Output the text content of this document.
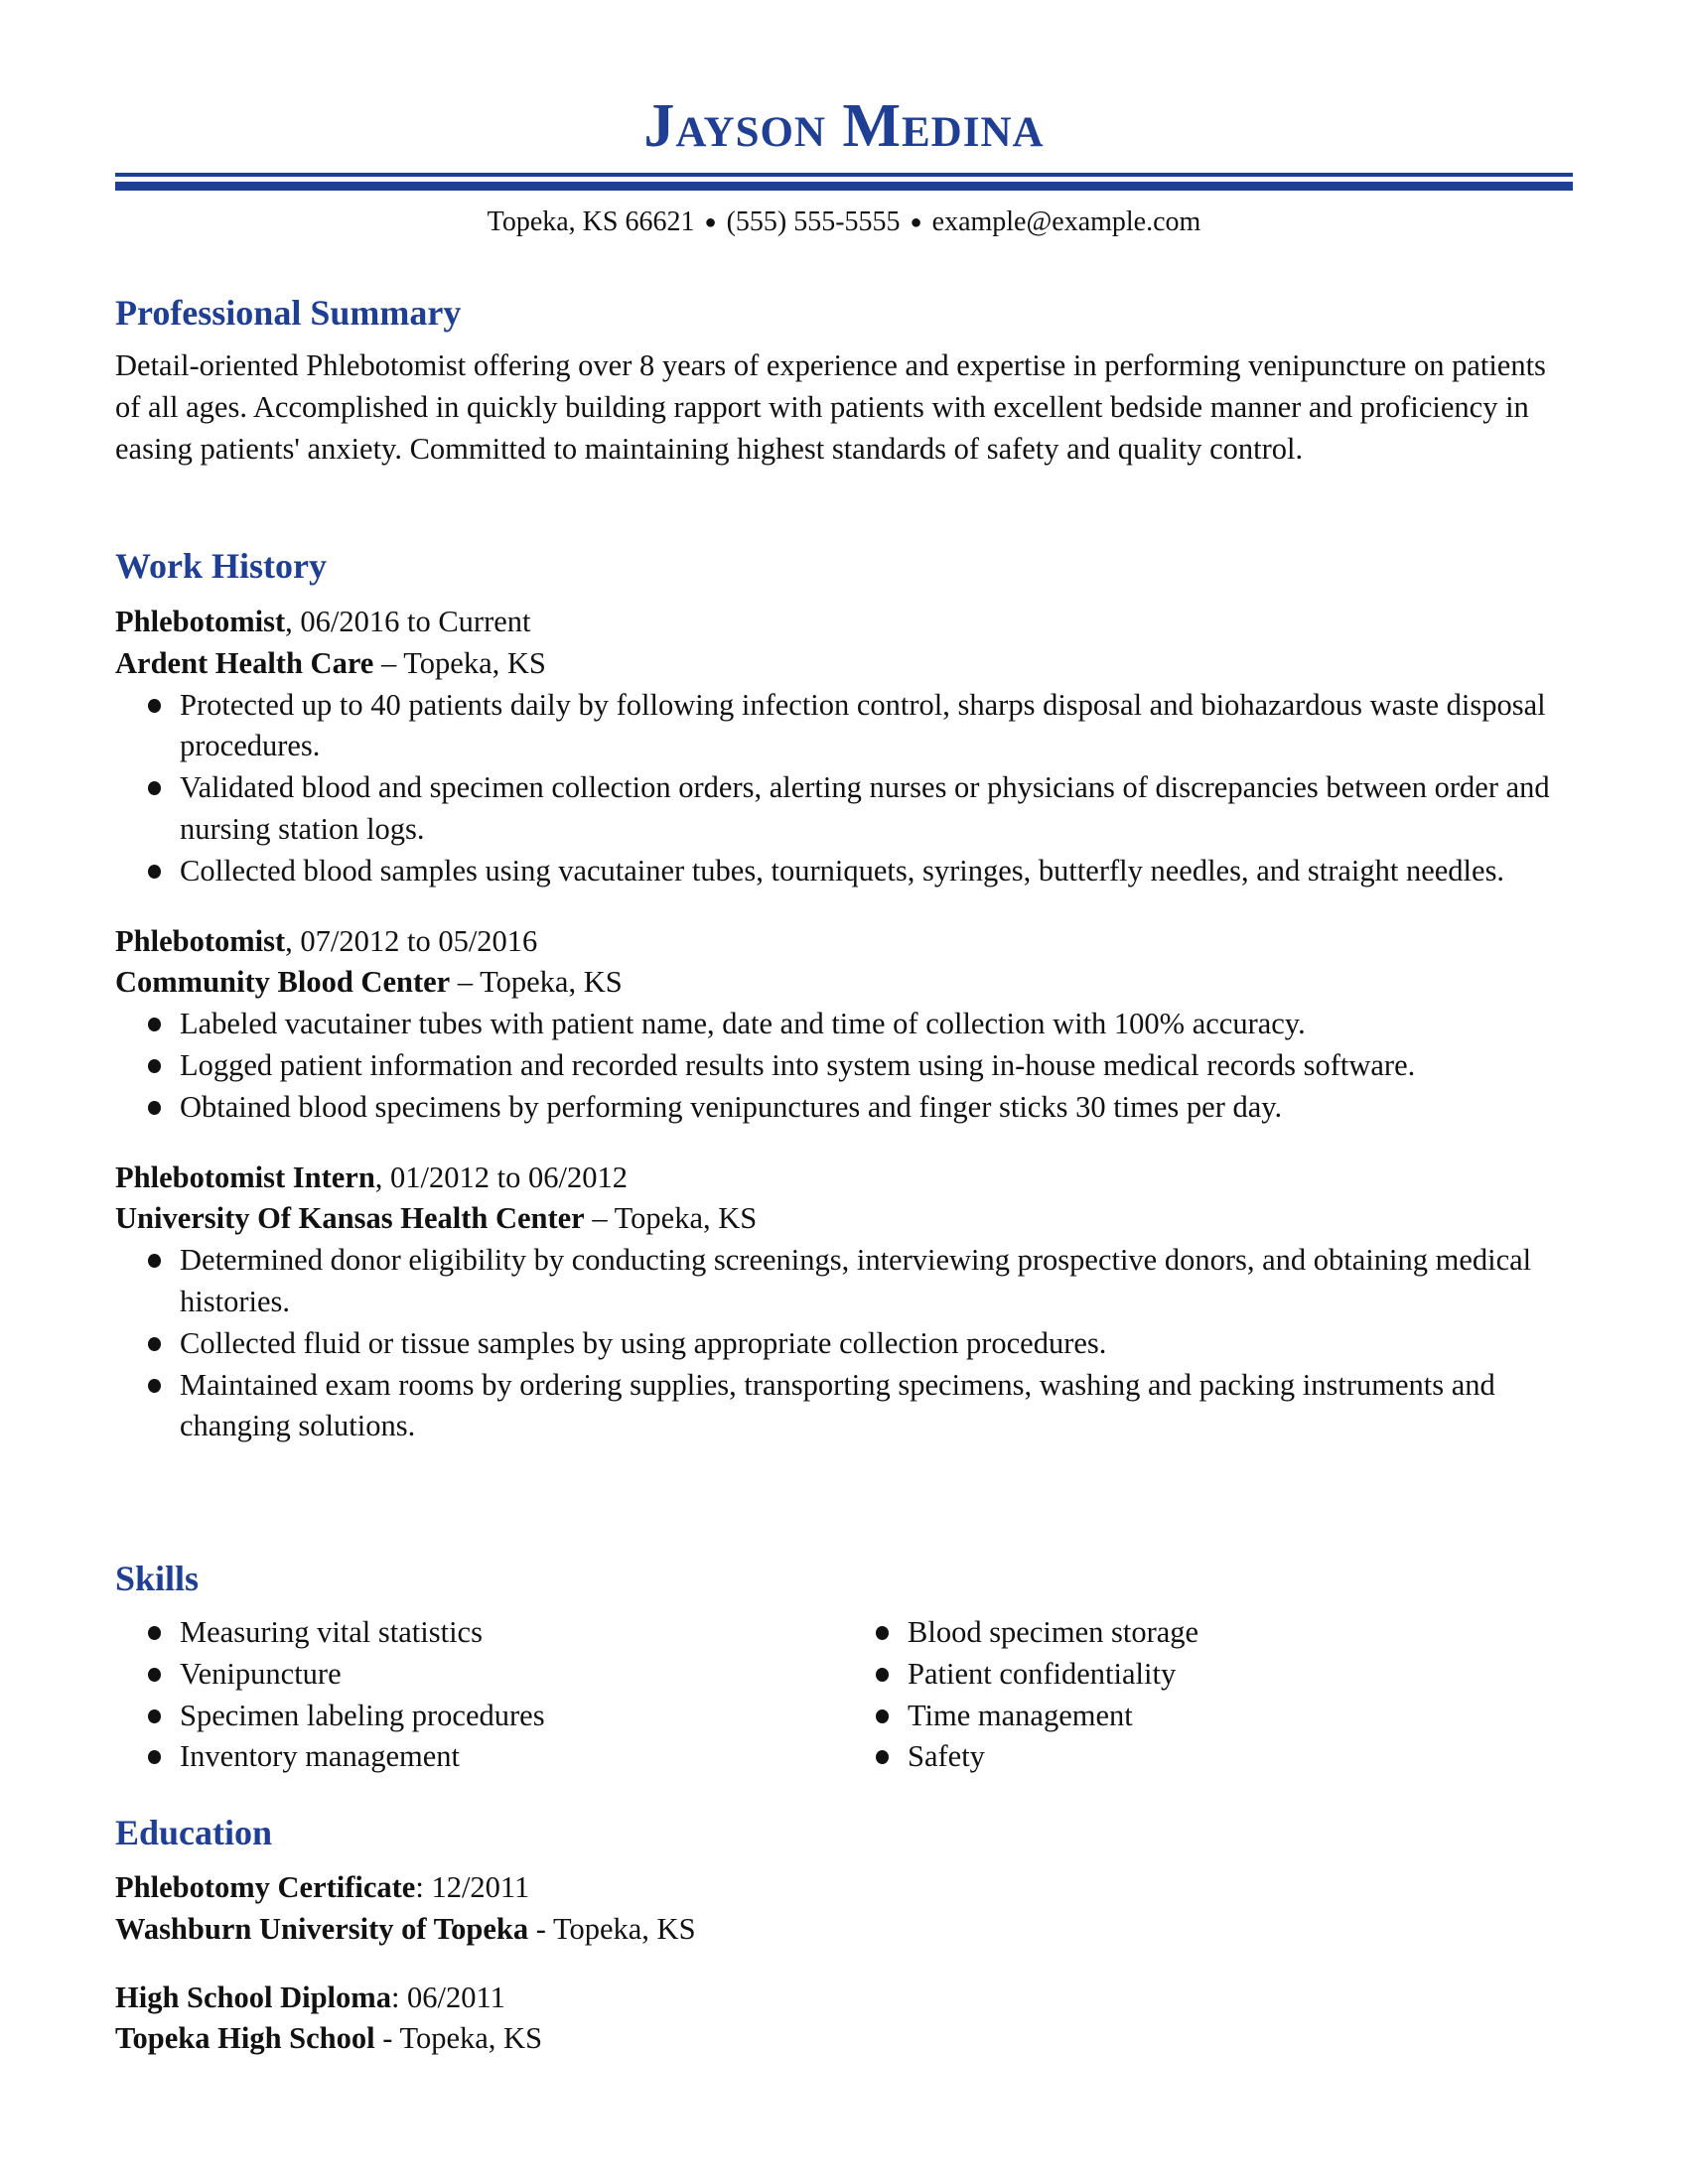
Jayson Medina
Topeka, KS 66621 ● (555) 555-5555 ● example@example.com
Professional Summary
Detail-oriented Phlebotomist offering over 8 years of experience and expertise in performing venipuncture on patients of all ages. Accomplished in quickly building rapport with patients with excellent bedside manner and proficiency in easing patients' anxiety. Committed to maintaining highest standards of safety and quality control.
Work History
Phlebotomist, 06/2016 to Current
Ardent Health Care – Topeka, KS
Protected up to 40 patients daily by following infection control, sharps disposal and biohazardous waste disposal procedures.
Validated blood and specimen collection orders, alerting nurses or physicians of discrepancies between order and nursing station logs.
Collected blood samples using vacutainer tubes, tourniquets, syringes, butterfly needles, and straight needles.
Phlebotomist, 07/2012 to 05/2016
Community Blood Center – Topeka, KS
Labeled vacutainer tubes with patient name, date and time of collection with 100% accuracy.
Logged patient information and recorded results into system using in-house medical records software.
Obtained blood specimens by performing venipunctures and finger sticks 30 times per day.
Phlebotomist Intern, 01/2012 to 06/2012
University Of Kansas Health Center – Topeka, KS
Determined donor eligibility by conducting screenings, interviewing prospective donors, and obtaining medical histories.
Collected fluid or tissue samples by using appropriate collection procedures.
Maintained exam rooms by ordering supplies, transporting specimens, washing and packing instruments and changing solutions.
Skills
Measuring vital statistics
Venipuncture
Specimen labeling procedures
Inventory management
Blood specimen storage
Patient confidentiality
Time management
Safety
Education
Phlebotomy Certificate: 12/2011
Washburn University of Topeka - Topeka, KS
High School Diploma: 06/2011
Topeka High School - Topeka, KS
